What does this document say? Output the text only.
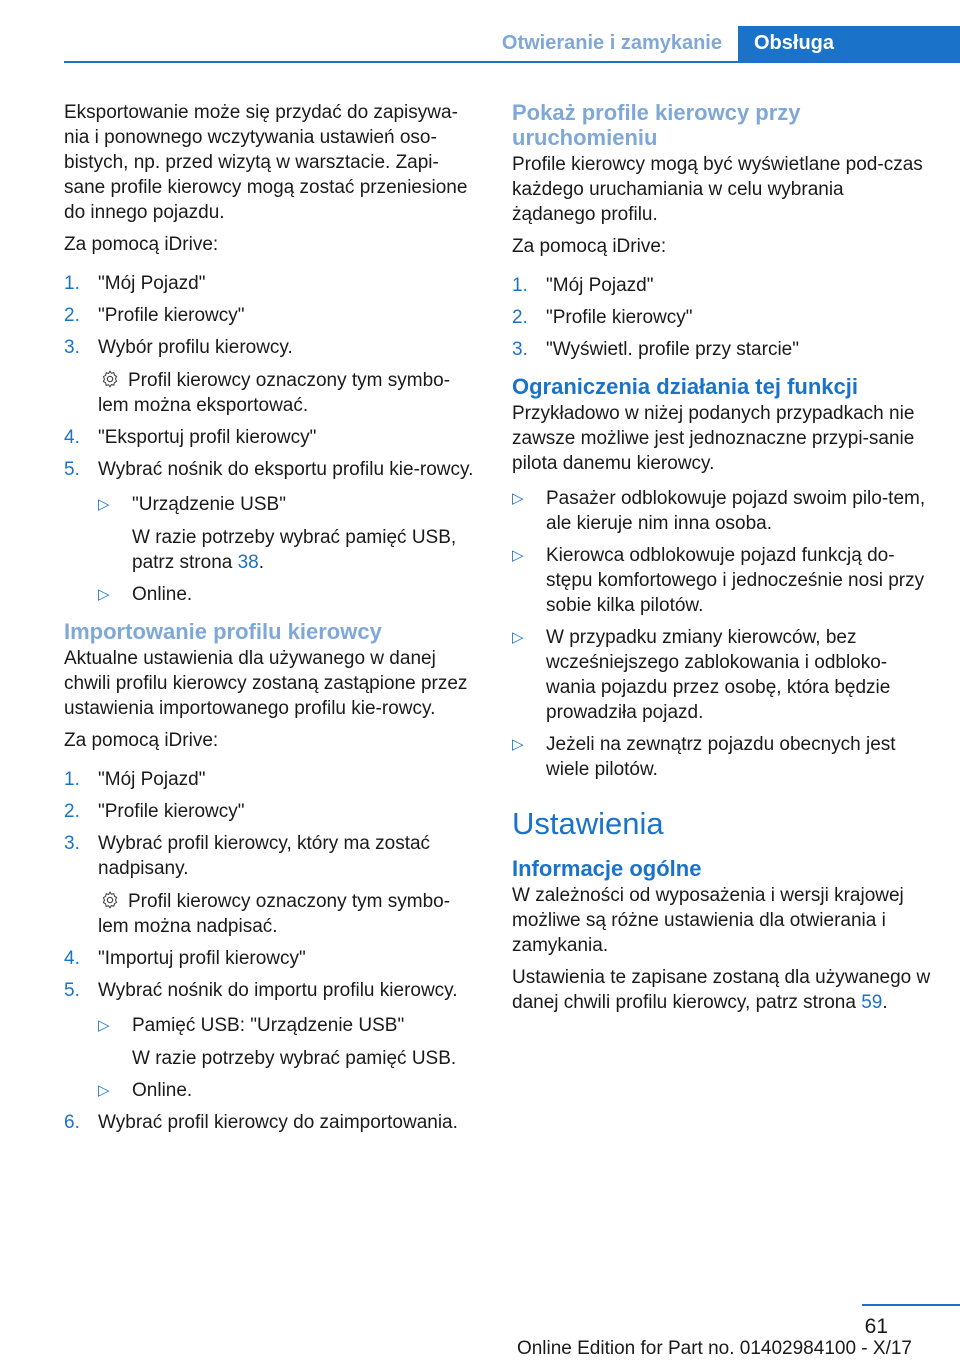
Otwieranie i zamykanie	Obsługa

Eksportowanie może się przydać do zapisywa-nia i ponownego wczytywania ustawień oso-bistych, np. przed wizytą w warsztacie. Zapi-sane profile kierowcy mogą zostać przeniesione do innego pojazdu.

Za pomocą iDrive:

1. "Mój Pojazd"
2. "Profile kierowcy"
3. Wybór profilu kierowcy.
Profil kierowcy oznaczony tym symbo-lem można eksportować.
4. "Eksportuj profil kierowcy"
5. Wybrać nośnik do eksportu profilu kie-rowcy.
▷ "Urządzenie USB"
W razie potrzeby wybrać pamięć USB, patrz strona 38.
▷ Online.
Importowanie profilu kierowcy

Aktualne ustawienia dla używanego w danej chwili profilu kierowcy zostaną zastąpione przez ustawienia importowanego profilu kie-rowcy.

Za pomocą iDrive:

1. "Mój Pojazd"
2. "Profile kierowcy"
3. Wybrać profil kierowcy, który ma zostać nadpisany.
Profil kierowcy oznaczony tym symbo-lem można nadpisać.
4. "Importuj profil kierowcy"
5. Wybrać nośnik do importu profilu kierowcy.
▷ Pamięć USB: "Urządzenie USB"
W razie potrzeby wybrać pamięć USB.
▷ Online.
6. Wybrać profil kierowcy do zaimportowania.
Pokaż profile kierowcy przy uruchomieniu

Profile kierowcy mogą być wyświetlane pod-czas każdego uruchamiania w celu wybrania żądanego profilu.

Za pomocą iDrive:

1. "Mój Pojazd"
2. "Profile kierowcy"
3. "Wyświetl. profile przy starcie"
Ograniczenia działania tej funkcji

Przykładowo w niżej podanych przypadkach nie zawsze możliwe jest jednoznaczne przypi-sanie pilota danemu kierowcy.

▷ Pasażer odblokowuje pojazd swoim pilo-tem, ale kieruje nim inna osoba.
▷ Kierowca odblokowuje pojazd funkcją do-stępu komfortowego i jednocześnie nosi przy sobie kilka pilotów.
▷ W przypadku zmiany kierowców, bez wcześniejszego zablokowania i odbloko-wania pojazdu przez osobę, która będzie prowadziła pojazd.
▷ Jeżeli na zewnątrz pojazdu obecnych jest wiele pilotów.
Ustawienia
Informacje ogólne

W zależności od wyposażenia i wersji krajowej możliwe są różne ustawienia dla otwierania i zamykania.

Ustawienia te zapisane zostaną dla używanego w danej chwili profilu kierowcy, patrz strona 59.

61
Online Edition for Part no. 01402984100 - X/17
